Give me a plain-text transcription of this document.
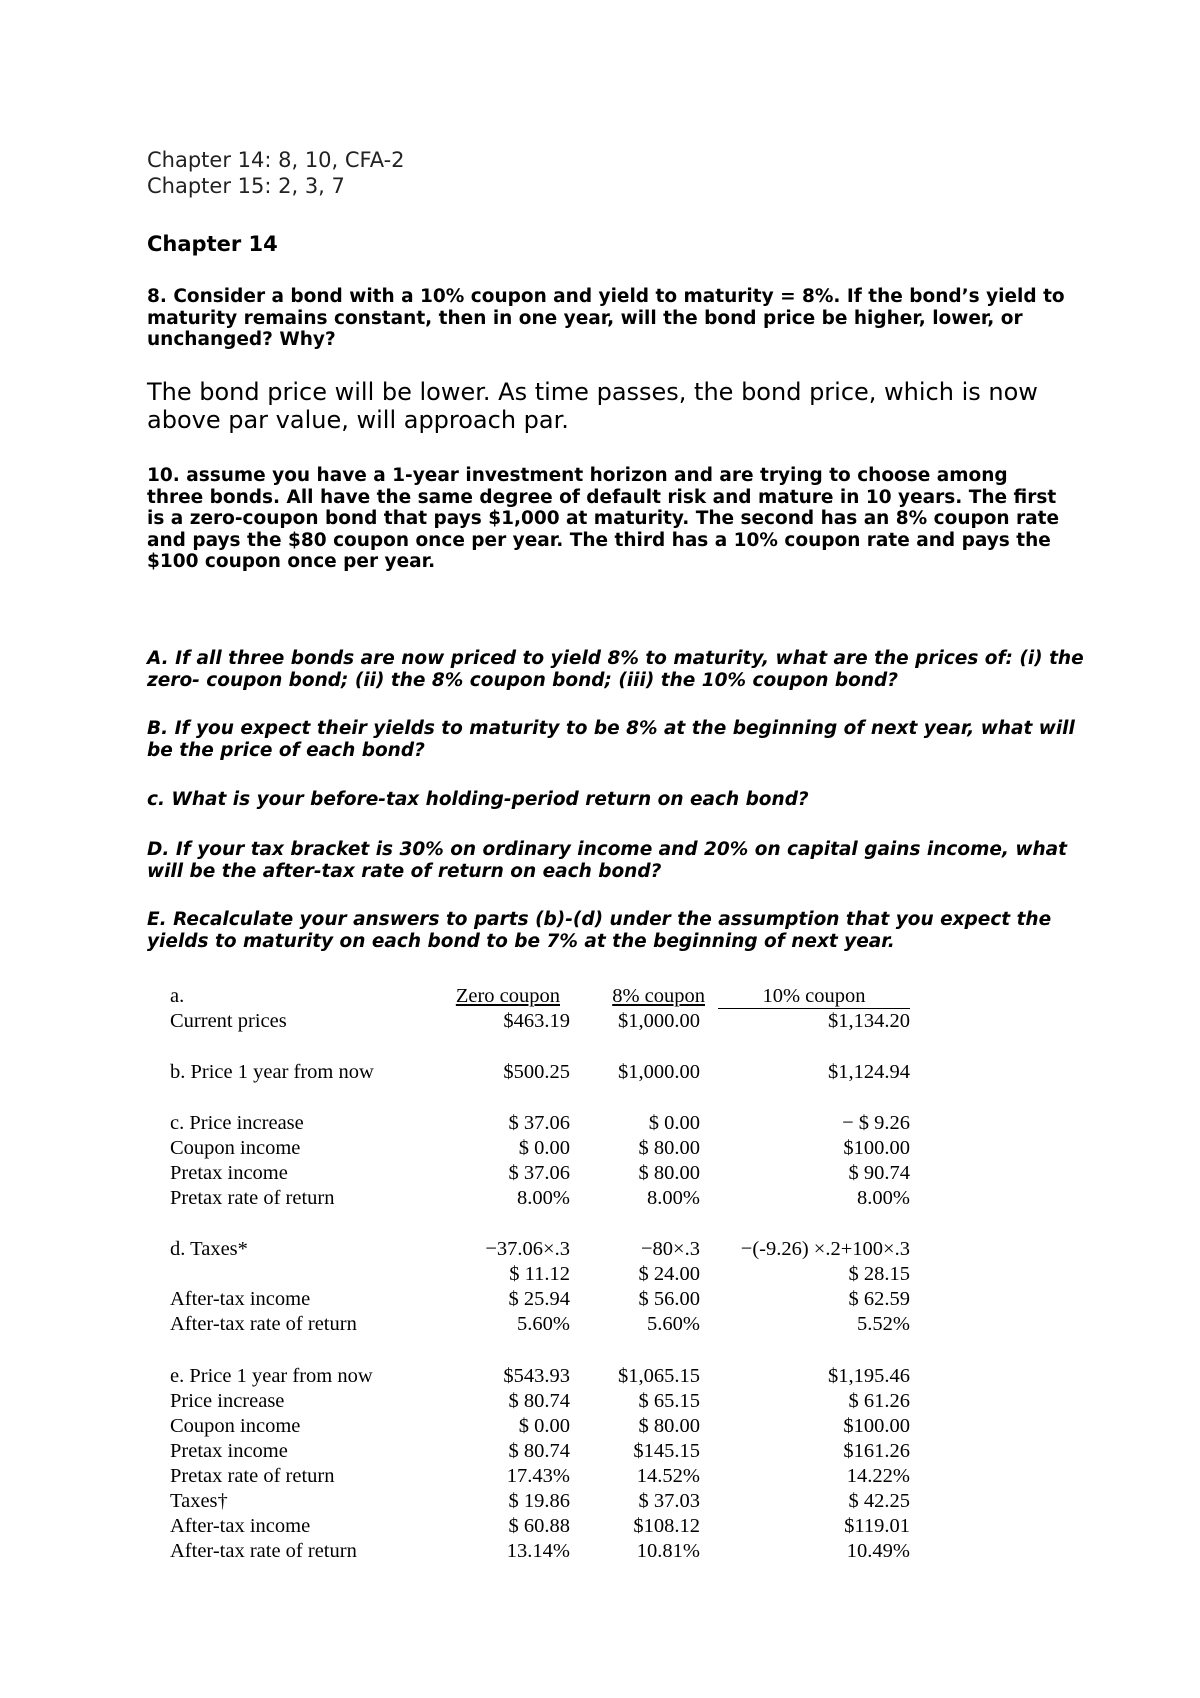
Chapter 14: 8, 10, CFA-2
Chapter 15: 2, 3, 7
Chapter 14

8. Consider a bond with a 10% coupon and yield to maturity = 8%. If the bond’s yield to maturity remains constant, then in one year, will the bond price be higher, lower, or unchanged? Why?

The bond price will be lower. As time passes, the bond price, which is now above par value, will approach par.

10. assume you have a 1-year investment horizon and are trying to choose among three bonds. All have the same degree of default risk and mature in 10 years. The first is a zero-coupon bond that pays $1,000 at maturity. The second has an 8% coupon rate and pays the $80 coupon once per year. The third has a 10% coupon rate and pays the $100 coupon once per year.

A. If all three bonds are now priced to yield 8% to maturity, what are the prices of: (i) the zero- coupon bond; (ii) the 8% coupon bond; (iii) the 10% coupon bond?

B. If you expect their yields to maturity to be 8% at the beginning of next year, what will be the price of each bond?

c. What is your before-tax holding-period return on each bond?

D. If your tax bracket is 30% on ordinary income and 20% on capital gains income, what will be the after-tax rate of return on each bond?

E. Recalculate your answers to parts (b)-(d) under the assumption that you expect the yields to maturity on each bond to be 7% at the beginning of next year.

a.	Zero coupon	8% coupon	10% coupon
Current prices	$463.19	$1,000.00	$1,134.20
b. Price 1 year from now	$500.25	$1,000.00	$1,124.94
c. Price increase	$ 37.06	$ 0.00	− $ 9.26
Coupon income	$ 0.00	$ 80.00	$100.00
Pretax income	$ 37.06	$ 80.00	$ 90.74
Pretax rate of return	8.00%	8.00%	8.00%
d. Taxes*	−37.06×.3	−80×.3	−(-9.26) ×.2+100×.3
$ 11.12	$ 24.00	$ 28.15
After-tax income	$ 25.94	$ 56.00	$ 62.59
After-tax rate of return	5.60%	5.60%	5.52%
e. Price 1 year from now	$543.93	$1,065.15	$1,195.46
Price increase	$ 80.74	$ 65.15	$ 61.26
Coupon income	$ 0.00	$ 80.00	$100.00
Pretax income	$ 80.74	$145.15	$161.26
Pretax rate of return	17.43%	14.52%	14.22%
Taxes†	$ 19.86	$ 37.03	$ 42.25
After-tax income	$ 60.88	$108.12	$119.01
After-tax rate of return	13.14%	10.81%	10.49%
